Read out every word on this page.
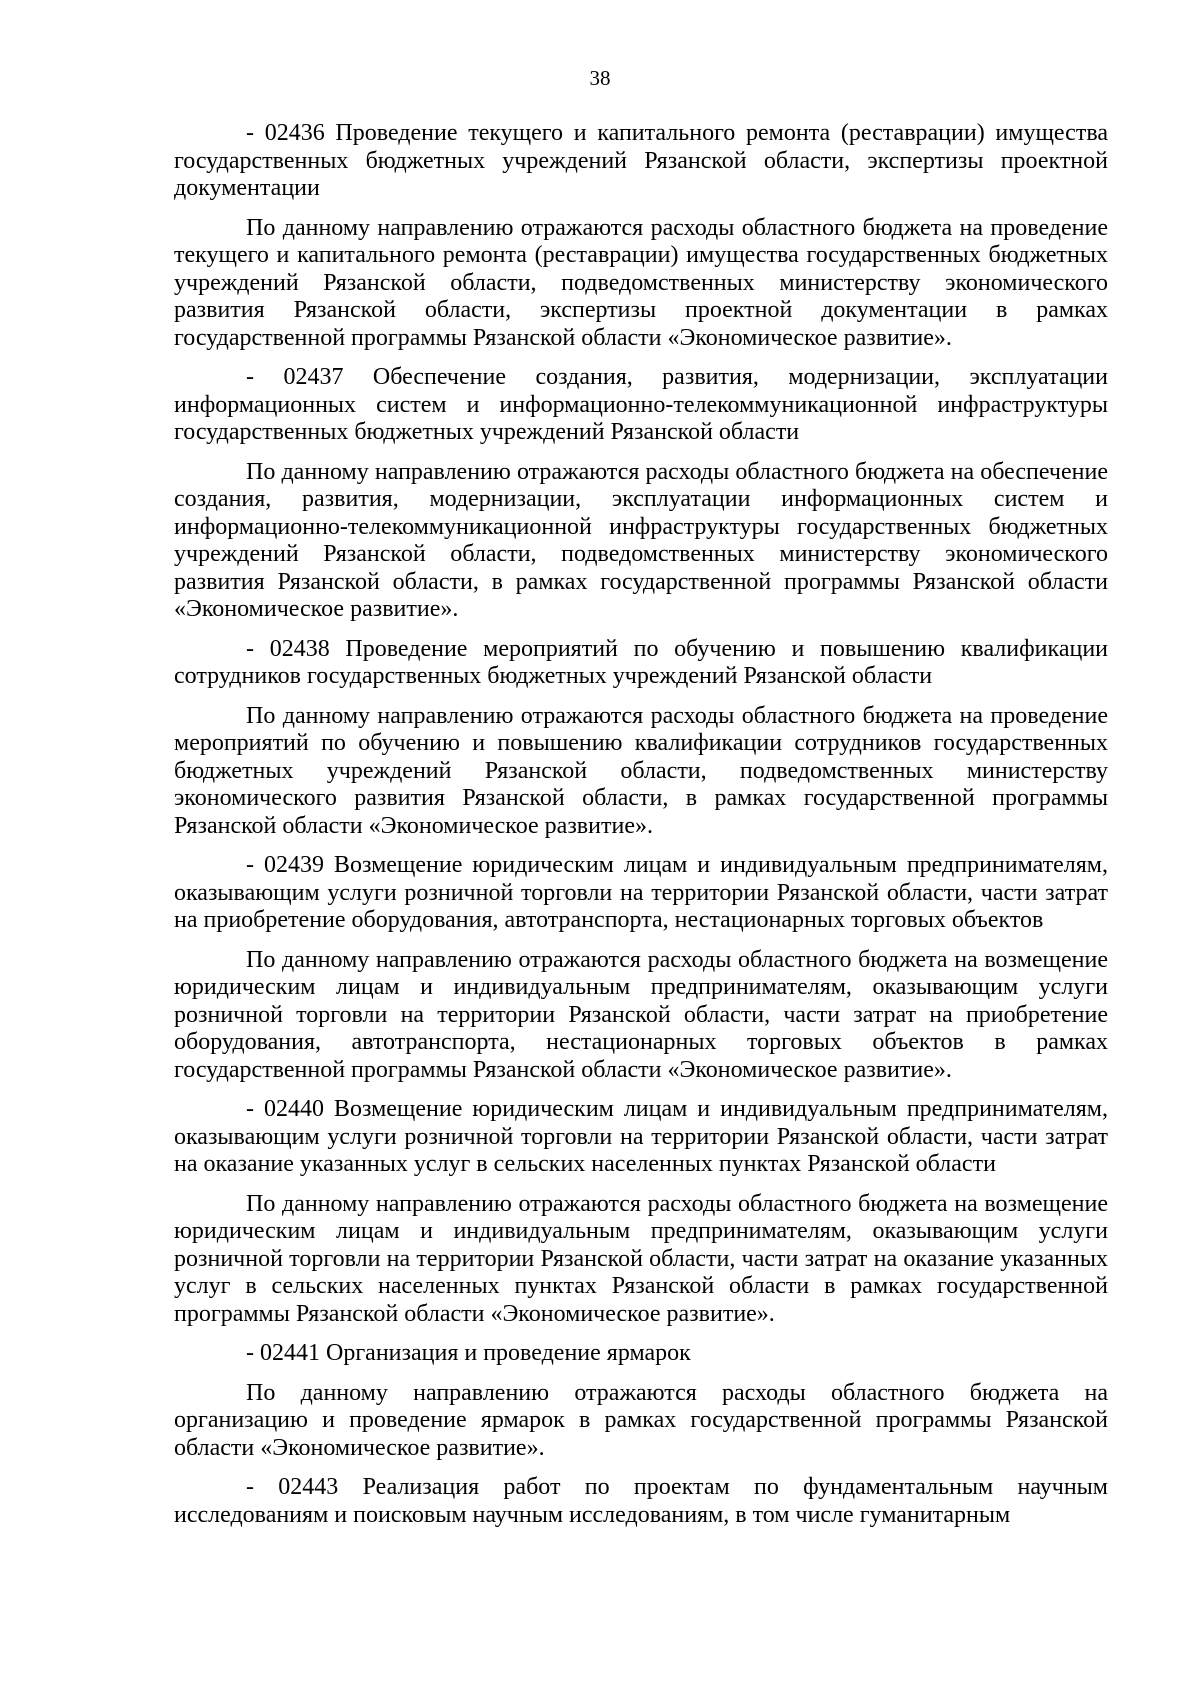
38

- 02436 Проведение текущего и капитального ремонта (реставрации) имущества государственных бюджетных учреждений Рязанской области, экспертизы проектной документации

По данному направлению отражаются расходы областного бюджета на проведение текущего и капитального ремонта (реставрации) имущества государственных бюджетных учреждений Рязанской области, подведомственных министерству экономического развития Рязанской области, экспертизы проектной документации в рамках государственной программы Рязанской области «Экономическое развитие».

- 02437 Обеспечение создания, развития, модернизации, эксплуатации информационных систем и информационно-телекоммуникационной инфраструктуры государственных бюджетных учреждений Рязанской области

По данному направлению отражаются расходы областного бюджета на обеспечение создания, развития, модернизации, эксплуатации информационных систем и информационно-телекоммуникационной инфраструктуры государственных бюджетных учреждений Рязанской области, подведомственных министерству экономического развития Рязанской области, в рамках государственной программы Рязанской области «Экономическое развитие».

- 02438 Проведение мероприятий по обучению и повышению квалификации сотрудников государственных бюджетных учреждений Рязанской области

По данному направлению отражаются расходы областного бюджета на проведение мероприятий по обучению и повышению квалификации сотрудников государственных бюджетных учреждений Рязанской области, подведомственных министерству экономического развития Рязанской области, в рамках государственной программы Рязанской области «Экономическое развитие».

- 02439 Возмещение юридическим лицам и индивидуальным предпринимателям, оказывающим услуги розничной торговли на территории Рязанской области, части затрат на приобретение оборудования, автотранспорта, нестационарных торговых объектов

По данному направлению отражаются расходы областного бюджета на возмещение юридическим лицам и индивидуальным предпринимателям, оказывающим услуги розничной торговли на территории Рязанской области, части затрат на приобретение оборудования, автотранспорта, нестационарных торговых объектов в рамках государственной программы Рязанской области «Экономическое развитие».

- 02440 Возмещение юридическим лицам и индивидуальным предпринимателям, оказывающим услуги розничной торговли на территории Рязанской области, части затрат на оказание указанных услуг в сельских населенных пунктах Рязанской области

По данному направлению отражаются расходы областного бюджета на возмещение юридическим лицам и индивидуальным предпринимателям, оказывающим услуги розничной торговли на территории Рязанской области, части затрат на оказание указанных услуг в сельских населенных пунктах Рязанской области в рамках государственной программы Рязанской области «Экономическое развитие».

- 02441 Организация и проведение ярмарок

По данному направлению отражаются расходы областного бюджета на организацию и проведение ярмарок в рамках государственной программы Рязанской области «Экономическое развитие».

- 02443 Реализация работ по проектам по фундаментальным научным исследованиям и поисковым научным исследованиям, в том числе гуманитарным
